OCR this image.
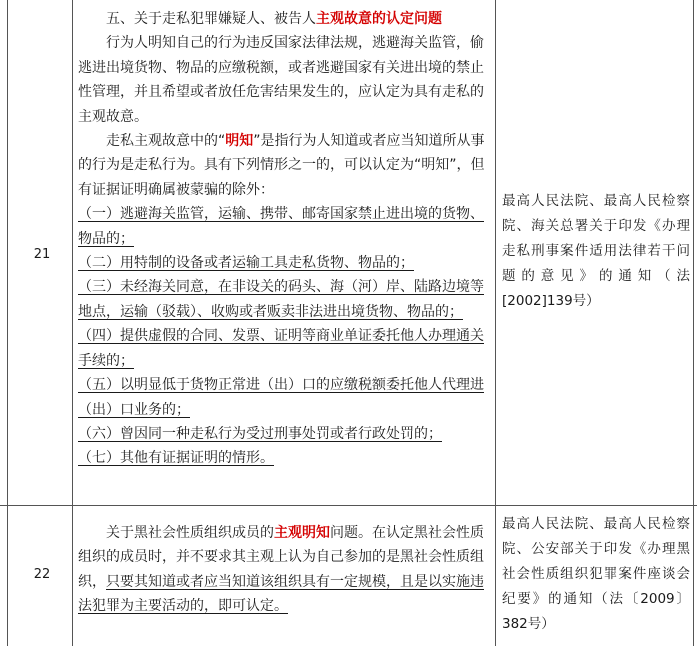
21

五、关于走私犯罪嫌疑人、被告人主观故意的认定问题

行为人明知自己的行为违反国家法律法规，逃避海关监管，偷逃进出境货物、物品的应缴税额，或者逃避国家有关进出境的禁止性管理，并且希望或者放任危害结果发生的，应认定为具有走私的主观故意。

走私主观故意中的“明知”是指行为人知道或者应当知道所从事的行为是走私行为。具有下列情形之一的，可以认定为“明知”，但有证据证明确属被蒙骗的除外：

（一）逃避海关监管，运输、携带、邮寄国家禁止进出境的货物、物品的；

（二）用特制的设备或者运输工具走私货物、物品的；

（三）未经海关同意，在非设关的码头、海（河）岸、陆路边境等地点，运输（驳载）、收购或者贩卖非法进出境货物、物品的；

（四）提供虚假的合同、发票、证明等商业单证委托他人办理通关手续的；

（五）以明显低于货物正常进（出）口的应缴税额委托他人代理进（出）口业务的；

（六）曾因同一种走私行为受过刑事处罚或者行政处罚的；

（七）其他有证据证明的情形。

最高人民法院、最高人民检察院、海关总署关于印发《办理走私刑事案件适用法律若干问题的意见》的通知（法[2002]139号）
22

关于黑社会性质组织成员的主观明知问题。在认定黑社会性质组织的成员时，并不要求其主观上认为自己参加的是黑社会性质组织，只要其知道或者应当知道该组织具有一定规模，且是以实施违法犯罪为主要活动的，即可认定。

最高人民法院、最高人民检察院、公安部关于印发《办理黑社会性质组织犯罪案件座谈会纪要》的通知（法〔2009〕382号）
